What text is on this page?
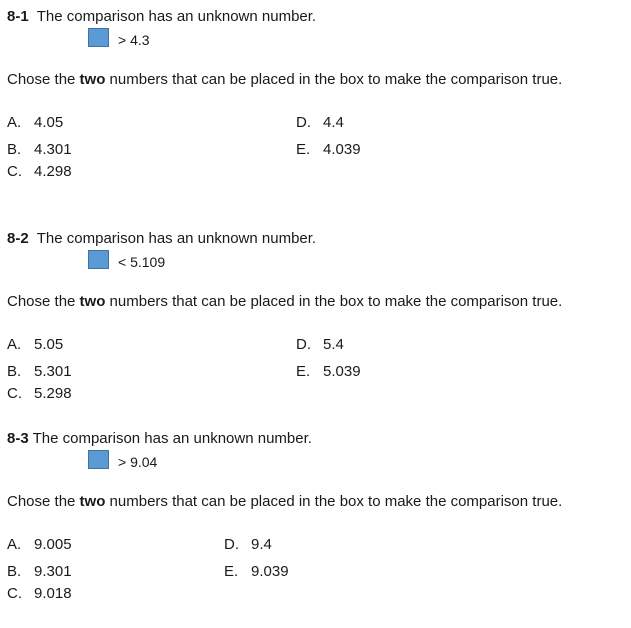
8-1 The comparison has an unknown number.
> 4.3
Chose the two numbers that can be placed in the box to make the comparison true.
A. 4.05
B. 4.301
C. 4.298
D. 4.4
E. 4.039
8-2 The comparison has an unknown number.
< 5.109
Chose the two numbers that can be placed in the box to make the comparison true.
A. 5.05
B. 5.301
C. 5.298
D. 5.4
E. 5.039
8-3 The comparison has an unknown number.
> 9.04
Chose the two numbers that can be placed in the box to make the comparison true.
A. 9.005
B. 9.301
C. 9.018
D. 9.4
E. 9.039
